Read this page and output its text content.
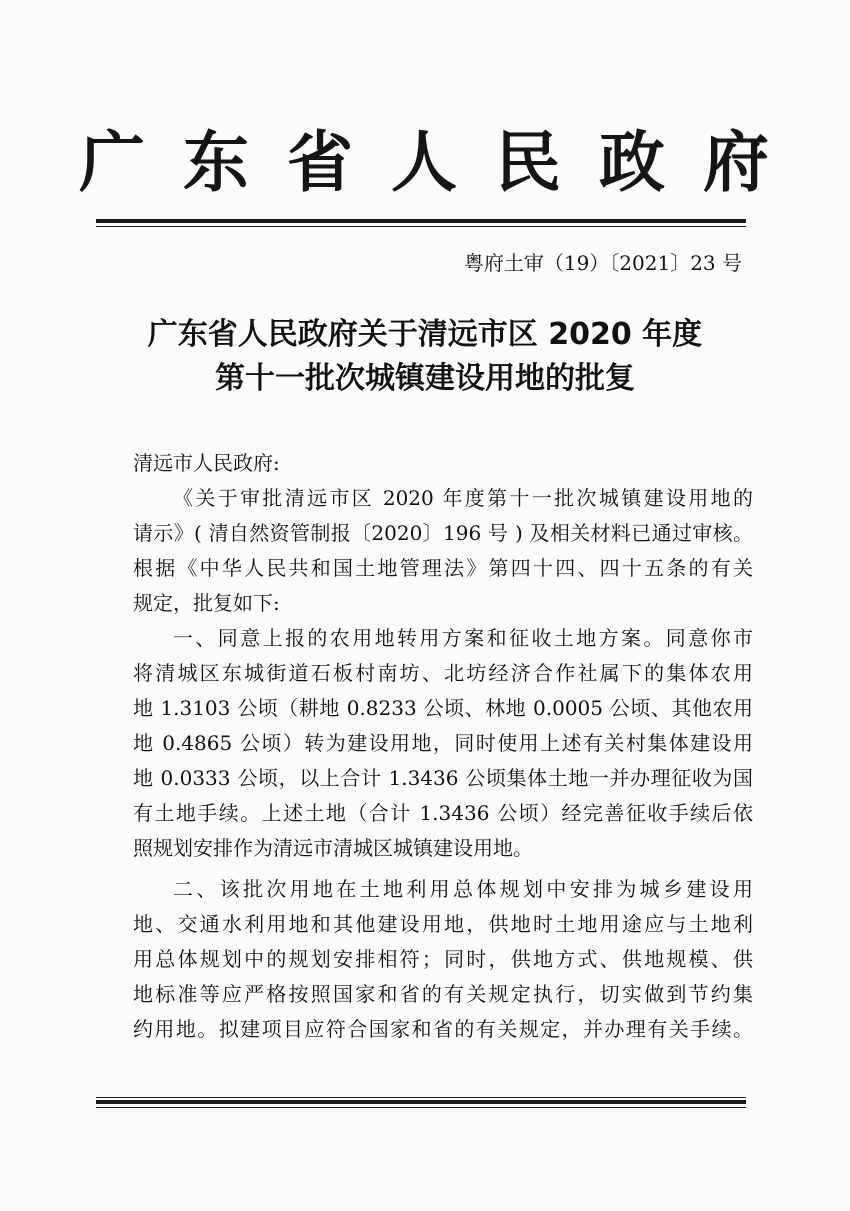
广东省人民政府
粤府土审（19）〔2021〕23 号
广东省人民政府关于清远市区 2020 年度
第十一批次城镇建设用地的批复
清远市人民政府:
《关于审批清远市区 2020 年度第十一批次城镇建设用地的
请示》( 清自然资管制报〔2020〕196 号 ) 及相关材料已通过审核。
根据《中华人民共和国土地管理法》第四十四、四十五条的有关
规定，批复如下:
一、同意上报的农用地转用方案和征收土地方案。同意你市
将清城区东城街道石板村南坊、北坊经济合作社属下的集体农用
地 1.3103 公顷（耕地 0.8233 公顷、林地 0.0005 公顷、其他农用
地 0.4865 公顷）转为建设用地，同时使用上述有关村集体建设用
地 0.0333 公顷，以上合计 1.3436 公顷集体土地一并办理征收为国
有土地手续。上述土地（合计 1.3436 公顷）经完善征收手续后依
照规划安排作为清远市清城区城镇建设用地。
二、该批次用地在土地利用总体规划中安排为城乡建设用
地、交通水利用地和其他建设用地，供地时土地用途应与土地利
用总体规划中的规划安排相符；同时，供地方式、供地规模、供
地标准等应严格按照国家和省的有关规定执行，切实做到节约集
约用地。拟建项目应符合国家和省的有关规定，并办理有关手续。
